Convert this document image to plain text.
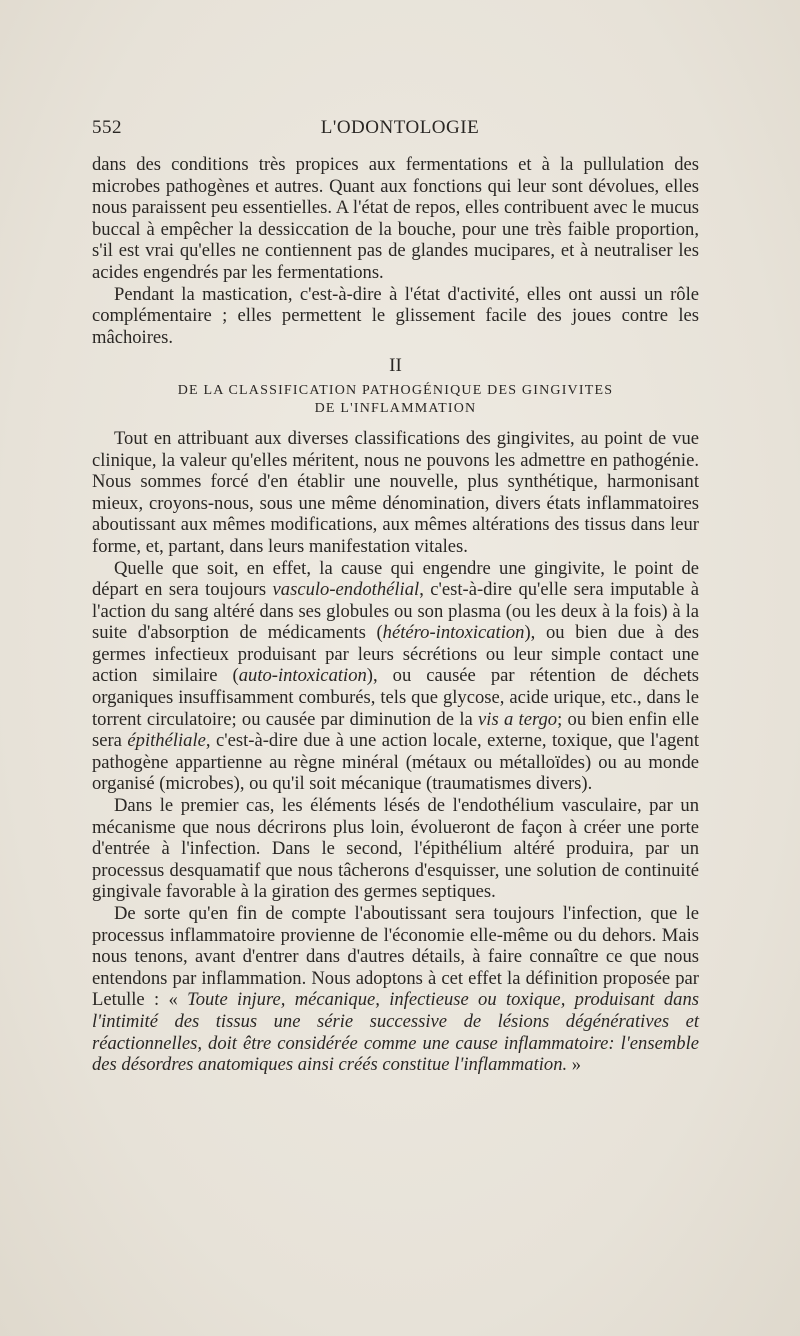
552	L'ODONTOLOGIE

dans des conditions très propices aux fermentations et à la pullulation des microbes pathogènes et autres. Quant aux fonctions qui leur sont dévolues, elles nous paraissent peu essentielles. A l'état de repos, elles contribuent avec le mucus buccal à empêcher la dessiccation de la bouche, pour une très faible proportion, s'il est vrai qu'elles ne contiennent pas de glandes mucipares, et à neutraliser les acides engendrés par les fermentations.

Pendant la mastication, c'est-à-dire à l'état d'activité, elles ont aussi un rôle complémentaire ; elles permettent le glissement facile des joues contre les mâchoires.

II
DE LA CLASSIFICATION PATHOGÉNIQUE DES GINGIVITES
DE L'INFLAMMATION

Tout en attribuant aux diverses classifications des gingivites, au point de vue clinique, la valeur qu'elles méritent, nous ne pouvons les admettre en pathogénie. Nous sommes forcé d'en établir une nouvelle, plus synthétique, harmonisant mieux, croyons-nous, sous une même dénomination, divers états inflammatoires aboutissant aux mêmes modifications, aux mêmes altérations des tissus dans leur forme, et, partant, dans leurs manifestation vitales.

Quelle que soit, en effet, la cause qui engendre une gingivite, le point de départ en sera toujours vasculo-endothélial, c'est-à-dire qu'elle sera imputable à l'action du sang altéré dans ses globules ou son plasma (ou les deux à la fois) à la suite d'absorption de médicaments (hétéro-intoxication), ou bien due à des germes infectieux produisant par leurs sécrétions ou leur simple contact une action similaire (auto-intoxication), ou causée par rétention de déchets organiques insuffisamment comburés, tels que glycose, acide urique, etc., dans le torrent circulatoire; ou causée par diminution de la vis a tergo; ou bien enfin elle sera épithéliale, c'est-à-dire due à une action locale, externe, toxique, que l'agent pathogène appartienne au règne minéral (métaux ou métalloïdes) ou au monde organisé (microbes), ou qu'il soit mécanique (traumatismes divers).

Dans le premier cas, les éléments lésés de l'endothélium vasculaire, par un mécanisme que nous décrirons plus loin, évolueront de façon à créer une porte d'entrée à l'infection. Dans le second, l'épithélium altéré produira, par un processus desquamatif que nous tâcherons d'esquisser, une solution de continuité gingivale favorable à la giration des germes septiques.

De sorte qu'en fin de compte l'aboutissant sera toujours l'infection, que le processus inflammatoire provienne de l'économie elle-même ou du dehors. Mais nous tenons, avant d'entrer dans d'autres détails, à faire connaître ce que nous entendons par inflammation. Nous adoptons à cet effet la définition proposée par Letulle : « Toute injure, mécanique, infectieuse ou toxique, produisant dans l'intimité des tissus une série successive de lésions dégénératives et réactionnelles, doit être considérée comme une cause inflammatoire: l'ensemble des désordres anatomiques ainsi créés constitue l'inflammation. »
